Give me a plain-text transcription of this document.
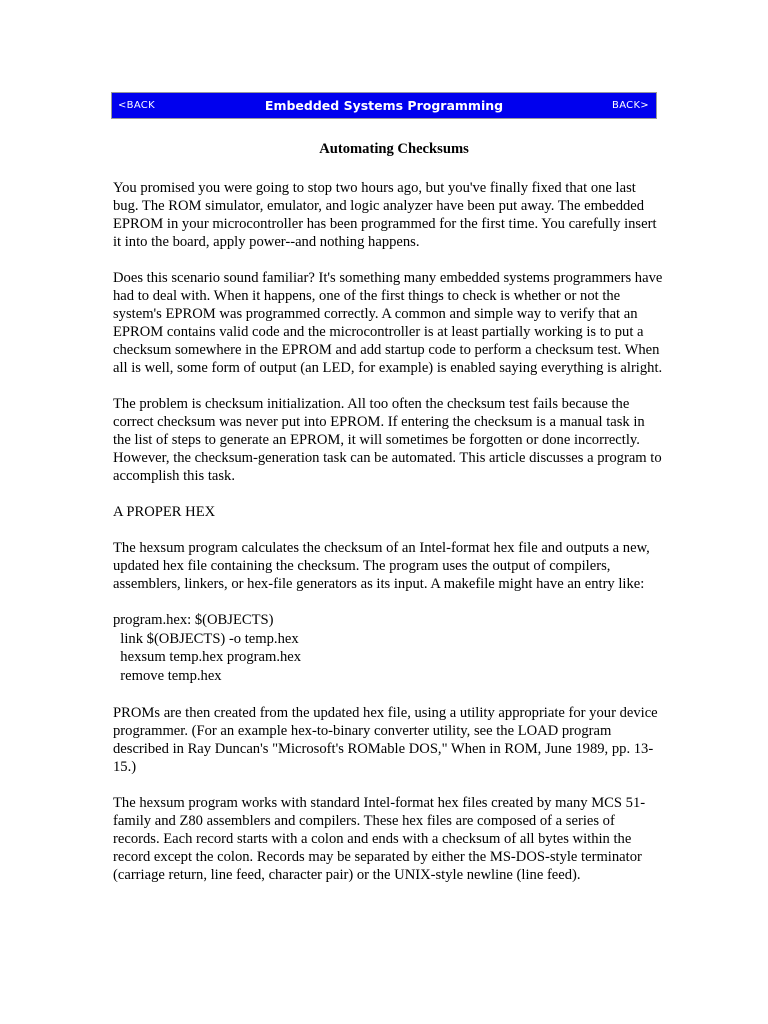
<BACK	Embedded Systems Programming	BACK>
Automating Checksums

You promised you were going to stop two hours ago, but you've finally fixed that one last bug. The ROM simulator, emulator, and logic analyzer have been put away. The embedded EPROM in your microcontroller has been programmed for the first time. You carefully insert it into the board, apply power--and nothing happens.

Does this scenario sound familiar? It's something many embedded systems programmers have had to deal with. When it happens, one of the first things to check is whether or not the system's EPROM was programmed correctly. A common and simple way to verify that an EPROM contains valid code and the microcontroller is at least partially working is to put a checksum somewhere in the EPROM and add startup code to perform a checksum test. When all is well, some form of output (an LED, for example) is enabled saying everything is alright.

The problem is checksum initialization. All too often the checksum test fails because the correct checksum was never put into EPROM. If entering the checksum is a manual task in the list of steps to generate an EPROM, it will sometimes be forgotten or done incorrectly. However, the checksum-generation task can be automated. This article discusses a program to accomplish this task.

A PROPER HEX

The hexsum program calculates the checksum of an Intel-format hex file and outputs a new, updated hex file containing the checksum. The program uses the output of compilers, assemblers, linkers, or hex-file generators as its input. A makefile might have an entry like:

program.hex: $(OBJECTS)
link $(OBJECTS) -o temp.hex
hexsum temp.hex program.hex
remove temp.hex

PROMs are then created from the updated hex file, using a utility appropriate for your device programmer. (For an example hex-to-binary converter utility, see the LOAD program described in Ray Duncan's "Microsoft's ROMable DOS," When in ROM, June 1989, pp. 13-15.)

The hexsum program works with standard Intel-format hex files created by many MCS 51-family and Z80 assemblers and compilers. These hex files are composed of a series of records. Each record starts with a colon and ends with a checksum of all bytes within the record except the colon. Records may be separated by either the MS-DOS-style terminator (carriage return, line feed, character pair) or the UNIX-style newline (line feed).
